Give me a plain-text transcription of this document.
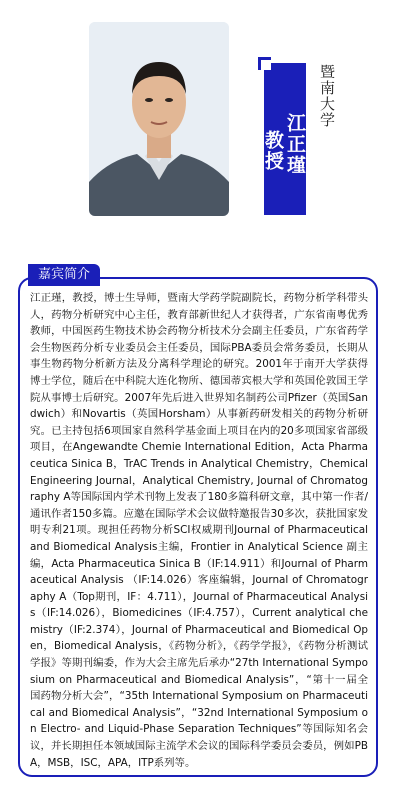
江正瑾 教授
暨南大学
嘉宾简介
江正瑾，教授，博士生导师，暨南大学药学院副院长，药物分析学科带头人，药物分析研究中心主任，教育部新世纪人才获得者，广东省南粤优秀教师，中国医药生物技术协会药物分析技术分会副主任委员，广东省药学会生物医药分析专业委员会主任委员，国际PBA委员会常务委员，长期从事生物药物分析新方法及分离科学理论的研究。2001年于南开大学获得博士学位，随后在中科院大连化物所、德国蒂宾根大学和英国伦敦国王学院从事博士后研究。2007年先后进入世界知名制药公司Pfizer（英国Sandwich）和Novartis（英国Horsham）从事新药研发相关的药物分析研究。已主持包括6项国家自然科学基金面上项目在内的20多项国家省部级项目，在Angewandte Chemie International Edition，Acta Pharmaceutica Sinica B，TrAC Trends in Analytical Chemistry，Chemical Engineering Journal，Analytical Chemistry, Journal of Chromatography A等国际国内学术刊物上发表了180多篇科研文章，其中第一作者/通讯作者150多篇。应邀在国际学术会议做特邀报告30多次，获批国家发明专利21项。现担任药物分析SCI权威期刊Journal of Pharmaceutical and Biomedical Analysis主编，Frontier in Analytical Science 副主编，Acta Pharmaceutica Sinica B（IF:14.911）和Journal of Pharmaceutical Analysis （IF:14.026）客座编辑，Journal of Chromatography A（Top期刊，IF：4.711），Journal of Pharmaceutical Analysis（IF:14.026），Biomedicines（IF:4.757），Current analytical chemistry（IF:2.374），Journal of Pharmaceutical and Biomedical Open，Biomedical Analysis，《药物分析》，《药学学报》，《药物分析测试学报》等期刊编委，作为大会主席先后承办“27th International Symposium on Pharmaceutical and Biomedical Analysis”，“第十一届全国药物分析大会”，“35th International Symposium on Pharmaceutical and Biomedical Analysis”，“32nd International Symposium on Electro- and Liquid-Phase Separation Techniques”等国际知名会议，并长期担任本领域国际主流学术会议的国际科学委员会委员，例如PBA，MSB，ISC，APA，ITP系列等。
